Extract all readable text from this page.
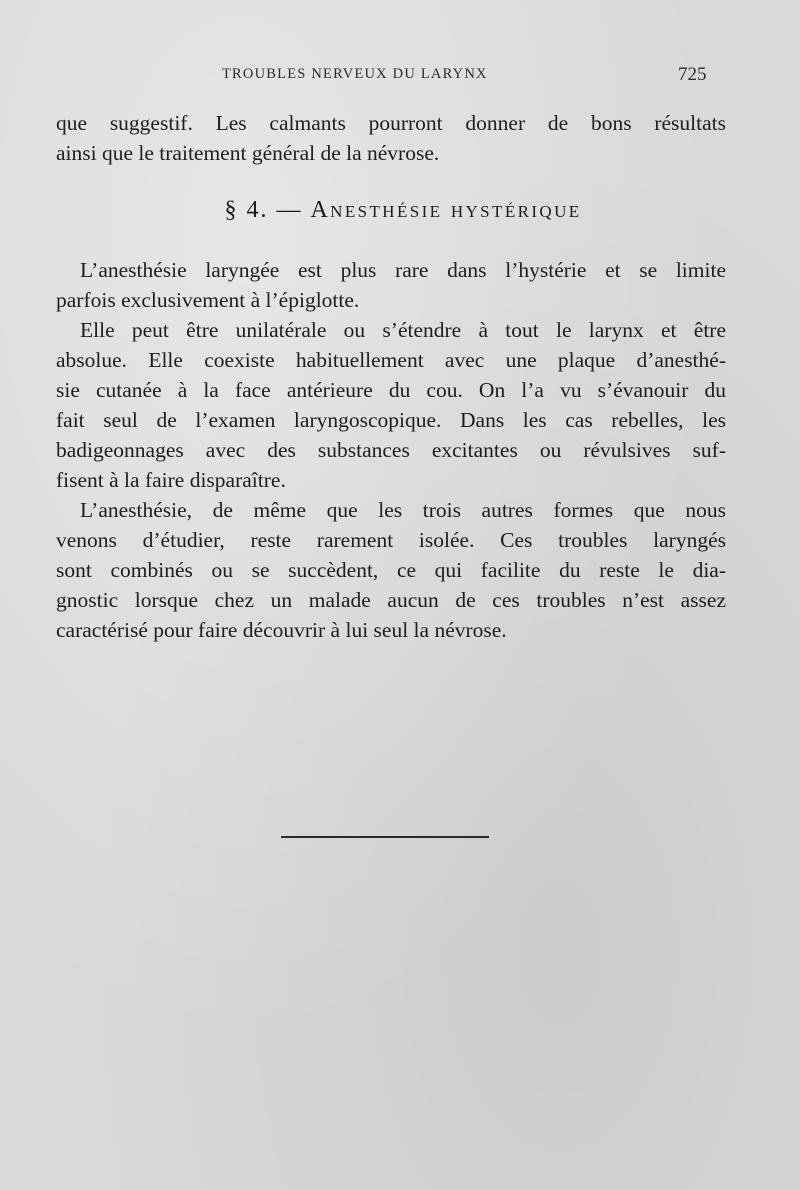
TROUBLES NERVEUX DU LARYNX	725
que suggestif. Les calmants pourront donner de bons résultats
ainsi que le traitement général de la névrose.
§ 4. — Anesthésie hystérique
L’anesthésie laryngée est plus rare dans l’hystérie et se limite
parfois exclusivement à l’épiglotte.
Elle peut être unilatérale ou s’étendre à tout le larynx et être
absolue. Elle coexiste habituellement avec une plaque d’anesthé-
sie cutanée à la face antérieure du cou. On l’a vu s’évanouir du
fait seul de l’examen laryngoscopique. Dans les cas rebelles, les
badigeonnages avec des substances excitantes ou révulsives suf-
fisent à la faire disparaître.
L’anesthésie, de même que les trois autres formes que nous
venons d’étudier, reste rarement isolée. Ces troubles laryngés
sont combinés ou se succèdent, ce qui facilite du reste le dia-
gnostic lorsque chez un malade aucun de ces troubles n’est assez
caractérisé pour faire découvrir à lui seul la névrose.
